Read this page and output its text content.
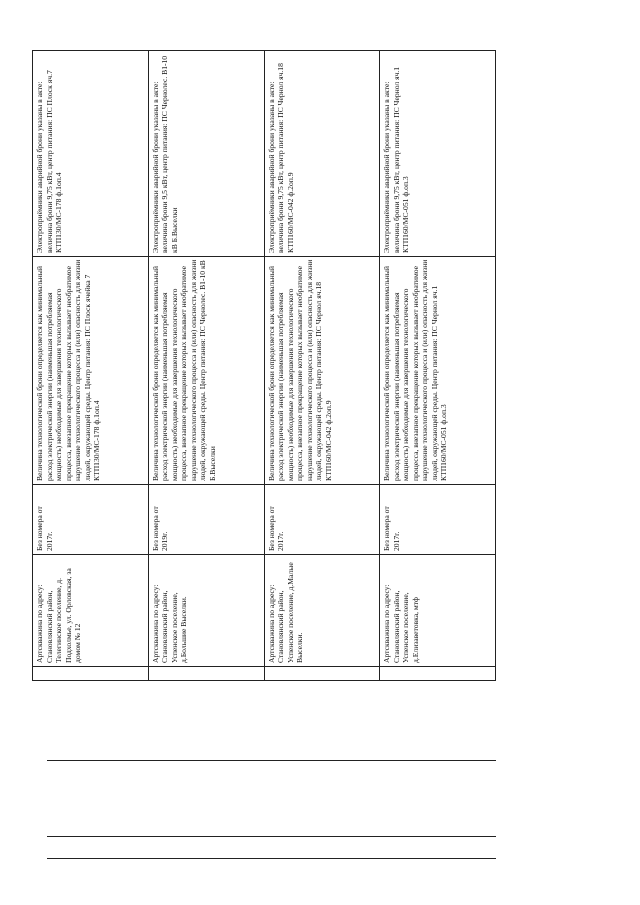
	Артскважина по адресу: Становлянский район, Телегинское поселение, д. Подхолмье, ул. Орловская, за домом № 12	Без номера от 2017г.	Величина технологической брони определяется как минимальный расход электрической энергии (наименьшая потребляемая мощность) необходимые для завершения технологического процесса, внезапное прекращение которых вызывает необратимое нарушение технологического процесса и (или) опасность для жизни людей, окружающей среды. Центр питания: ПС Плоск ячейка 7 КТП130/МС-178 ф.1оп.4	Электроприёмники аварийной брони указаны в акте: величина брони 9,75 кВт, центр питания: ПС Плоск яч.7 КТП130/МС-178 ф.1оп.4
	Артскважина по адресу: Становлянский район, Успенское поселение, д.Большие Выселки.	Без номера от 2019г.	Величина технологической брони определяется как минимальный расход электрической энергии (наименьшая потребляемая мощность) необходимые для завершения технологического процесса, внезапное прекращение которых вызывает необратимое нарушение технологического процесса и (или) опасность для жизни людей, окружающей среды. Центр питания: ПС Чернолес. В1-10 кВ Б.Выселки	Электроприёмники аварийной брони указаны в акте: величина брони 9,5 кВт, центр питания: ПС Чернолес. В1-10 кВ Б.Выселки
	Артскважина по адресу: Становлянский район, Успенское поселение, д.Малые Выселки.	Без номера от 2017г.	Величина технологической брони определяется как минимальный расход электрической энергии (наименьшая потребляемая мощность) необходимые для завершения технологического процесса, внезапное прекращение которых вызывает необратимое нарушение технологического процесса и (или) опасность для жизни людей, окружающей среды. Центр питания: ПС Чернол яч.18 КТП160/МС-042 ф.2оп.9	Электроприёмники аварийной брони указаны в акте: величина брони 9,75 кВт, центр питания: ПС Чернол яч.18 КТП160/МС-042 ф.2оп.9
	Артскважина по адресу: Становлянский район, Успенское поселение, д.Елизаветовка, мтф	Без номера от 2017г.	Величина технологической брони определяется как минимальный расход электрической энергии (наименьшая потребляемая мощность) необходимые для завершения технологического процесса, внезапное прекращение которых вызывает необратимое нарушение технологического процесса и (или) опасность для жизни людей, окружающей среды. Центр питания: ПС Чернол яч.1 КТП160/МС-051 ф.оп.3	Электроприёмники аварийной брони указаны в акте: величина брони 9,75 кВт, центр питания: ПС Чернол яч.1 КТП160/МС-051 ф.оп.3
